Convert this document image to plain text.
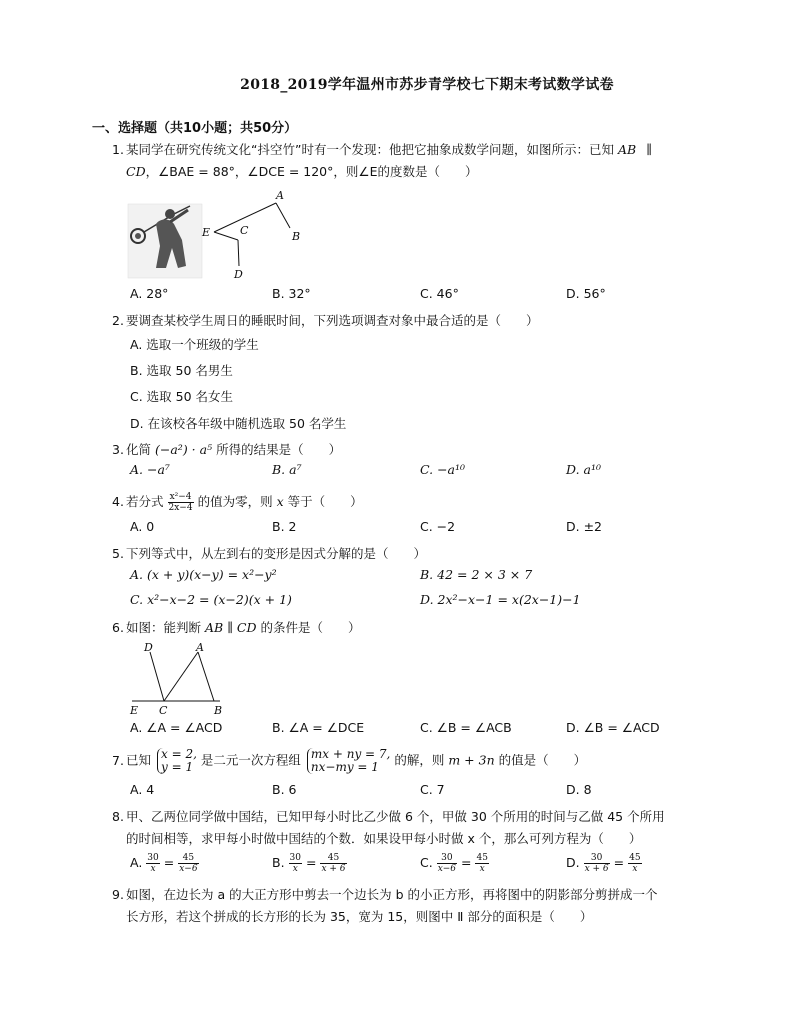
2018_2019学年温州市苏步青学校七下期末考试数学试卷
一、选择题（共10小题；共50分）
1. 某同学在研究传统文化“抖空竹”时有一个发现：他把它抽象成数学问题，如图所示：已知 AB ∥
CD，∠BAE = 88°，∠DCE = 120°，则∠E的度数是（　　）
A
B
C
D
E
A. 28°	B. 32°	C. 46°	D. 56°
2. 要调查某校学生周日的睡眠时间，下列选项调查对象中最合适的是（　　）
A. 选取一个班级的学生
B. 选取 50 名男生
C. 选取 50 名女生
D. 在该校各年级中随机选取 50 名学生
3. 化简 (−a²) · a⁵ 所得的结果是（　　）
A. −a⁷	B. a⁷	C. −a¹⁰	D. a¹⁰
4. 若分式 $\frac{\text{x²−4}}{2x-4}$ 的值为零，则 x 等于（　　）
A. 0	B. 2	C. −2	D. ±2
5. 下列等式中，从左到右的变形是因式分解的是（　　）
A. (x + y)(x−y) = x²−y²	B. 42 = 2 × 3 × 7
C. x²−x−2 = (x−2)(x + 1)	D. 2x²−x−1 = x(2x−1)−1
6. 如图：能判断 AB ∥ CD 的条件是（　　）
D	A
E C	B
A. ∠A = ∠ACD	B. ∠A = ∠DCE	C. ∠B = ∠ACB	D. ∠B = ∠ACD
7. 已知 x = 2,
y = 1 是二元一次方程组 mx + ny = 7,
nx−my = 1	的解，则 m + 3n 的值是（　　）
A. 4	B. 6	C. 7	D. 8
8. 甲、乙两位同学做中国结，已知甲每小时比乙少做 6 个，甲做 30 个所用的时间与乙做 45 个所用
的时间相等，求甲每小时做中国结的个数．如果设甲每小时做 x 个，那么可列方程为（　　）
A. $\frac{30}{x} = \frac{45}{x-6}$	B. $\frac{30}{x} = \frac{45}{x + 6}$	C. $\frac{30}{x-6} = \frac{45}{x}$	D. $\frac{30}{x + 6} = \frac{45}{x}$
9. 如图，在边长为 a 的大正方形中剪去一个边长为 b 的小正方形，再将图中的阴影部分剪拼成一个
长方形，若这个拼成的长方形的长为 35，宽为 15，则图中 Ⅱ 部分的面积是（　　）
